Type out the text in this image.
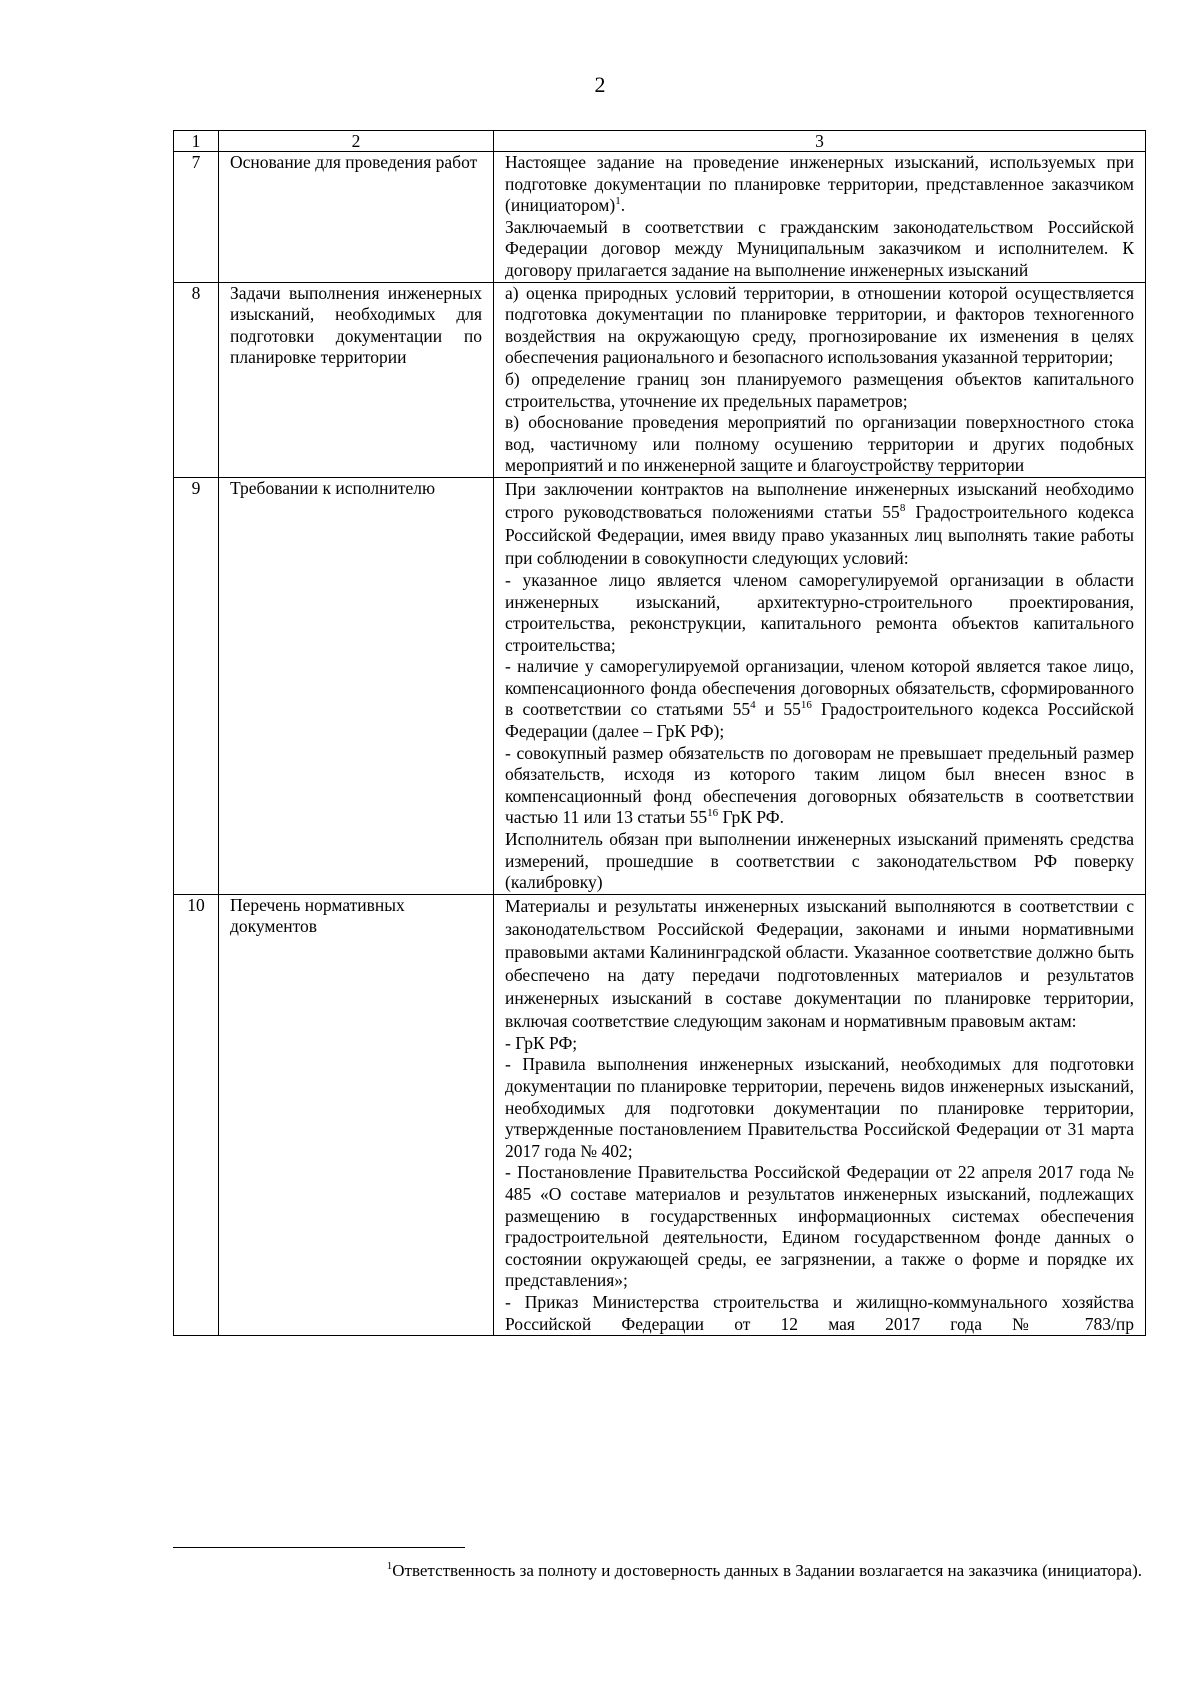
2
1	2	3
7	Основание для проведения работ	Настоящее задание на проведение инженерных изысканий, используемых при подготовке документации по планировке территории, представленное заказчиком (инициатором)$^1$.

Заключаемый в соответствии с гражданским законодательством Российской Федерации договор между Муниципальным заказчиком и исполнителем. К договору прилагается задание на выполнение инженерных изысканий

8	Задачи выполнения инженерных изысканий, необходимых для подготовки документации по планировке территории	а) оценка природных условий территории, в отношении которой осуществляется подготовка документации по планировке территории, и факторов техногенного воздействия на окружающую среду, прогнозирование их изменения в целях обеспечения рационального и безопасного использования указанной территории;

б) определение границ зон планируемого размещения объектов капитального строительства, уточнение их предельных параметров;

в) обоснование проведения мероприятий по организации поверхностного стока вод, частичному или полному осушению территории и других подобных мероприятий и по инженерной защите и благоустройству территории

9	Требовании к исполнителю	При заключении контрактов на выполнение инженерных изысканий необходимо строго руководствоваться положениями статьи $55^8$ Градостроительного кодекса Российской Федерации, имея ввиду право указанных лиц выполнять такие работы при соблюдении в совокупности следующих условий:

- указанное лицо является членом саморегулируемой организации в области инженерных изысканий, архитектурно-строительного проектирования, строительства, реконструкции, капитального ремонта объектов капитального строительства;

- наличие у саморегулируемой организации, членом которой является такое лицо, компенсационного фонда обеспечения договорных обязательств, сформированного в соответствии со статьями $55^4$ и $55^{16}$ Градостроительного кодекса Российской Федерации (далее – ГрК РФ);

- совокупный размер обязательств по договорам не превышает предельный размер обязательств, исходя из которого таким лицом был внесен взнос в компенсационный фонд обеспечения договорных обязательств в соответствии частью 11 или 13 статьи $55^{16}$ ГрК РФ.

Исполнитель обязан при выполнении инженерных изысканий применять средства измерений, прошедшие в соответствии с законодательством РФ поверку (калибровку)

10	Перечень нормативных документов	Материалы и результаты инженерных изысканий выполняются в соответствии с законодательством Российской Федерации, законами и иными нормативными правовыми актами Калининградской области. Указанное соответствие должно быть обеспечено на дату передачи подготовленных материалов и результатов инженерных изысканий в составе документации по планировке территории, включая соответствие следующим законам и нормативным правовым актам:

- ГрК РФ;

- Правила выполнения инженерных изысканий, необходимых для подготовки документации по планировке территории, перечень видов инженерных изысканий, необходимых для подготовки документации по планировке территории, утвержденные постановлением Правительства Российской Федерации от 31 марта 2017 года № 402;

- Постановление Правительства Российской Федерации от 22 апреля 2017 года № 485 «О составе материалов и результатов инженерных изысканий, подлежащих размещению в государственных информационных системах обеспечения градостроительной деятельности, Едином государственном фонде данных о состоянии окружающей среды, ее загрязнении, а также о форме и порядке их представления»;

- Приказ Министерства строительства и жилищно-коммунального хозяйства Российской Федерации от 12 мая 2017 года № 783/пр

$^1$Ответственность за полноту и достоверность данных в Задании возлагается на заказчика (инициатора).
